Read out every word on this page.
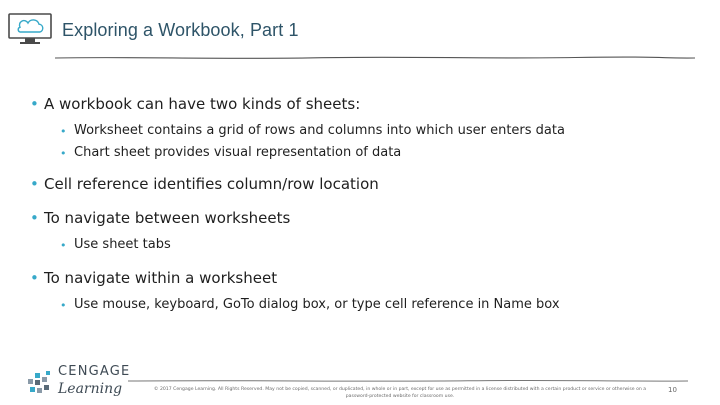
Exploring a Workbook, Part 1
• A workbook can have two kinds of sheets:
• Worksheet contains a grid of rows and columns into which user enters data
• Chart sheet provides visual representation of data
• Cell reference identifies column/row location
• To navigate between worksheets
• Use sheet tabs
• To navigate within a worksheet
• Use mouse, keyboard, GoTo dialog box, or type cell reference in Name box
CENGAGE
Learning	© 2017 Cengage Learning. All Rights Reserved. May not be copied, scanned, or duplicated, in whole or in part, except for use as permitted in a license distributed with a certain product or service or otherwise on a
password-protected website for classroom use.
10
